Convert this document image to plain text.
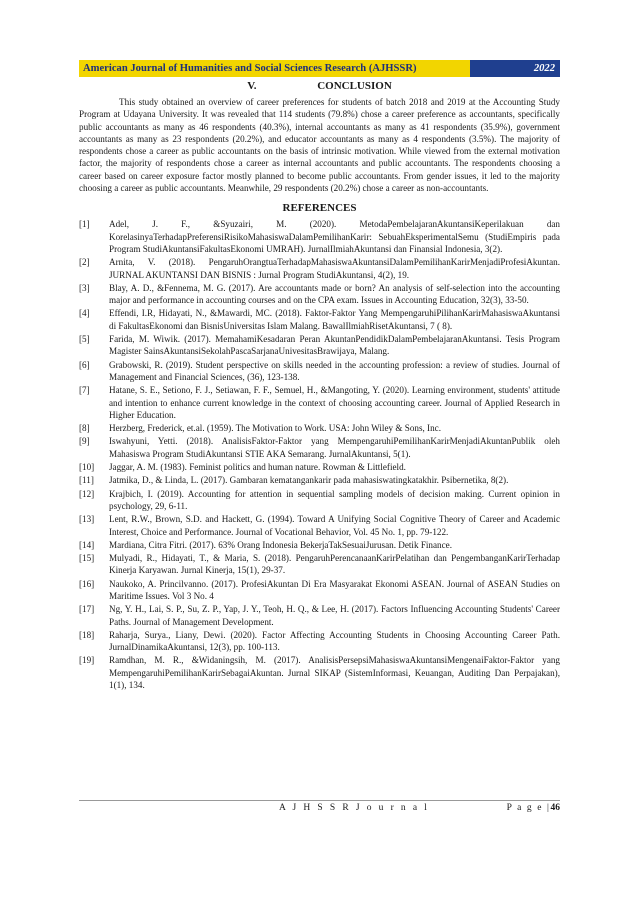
American Journal of Humanities and Social Sciences Research (AJHSSR)	2022
V.	CONCLUSION

This study obtained an overview of career preferences for students of batch 2018 and 2019 at the Accounting Study Program at Udayana University. It was revealed that 114 students (79.8%) chose a career preference as accountants, specifically public accountants as many as 46 respondents (40.3%), internal accountants as many as 41 respondents (35.9%), government accountants as many as 23 respondents (20.2%), and educator accountants as many as 4 respondents (3.5%). The majority of respondents chose a career as public accountants on the basis of intrinsic motivation. While viewed from the external motivation factor, the majority of respondents chose a career as internal accountants and public accountants. The respondents choosing a career based on career exposure factor mostly planned to become public accountants. From gender issues, it led to the majority choosing a career as public accountants. Meanwhile, 29 respondents (20.2%) chose a career as non-accountants.

REFERENCES
[1]	Adel, J. F., &Syuzairi, M. (2020). MetodaPembelajaranAkuntansiKeperilakuan dan KorelasinyaTerhadapPreferensiRisikoMahasiswaDalamPemilihanKarir: SebuahEksperimentalSemu (StudiEmpiris pada Program StudiAkuntansiFakultasEkonomi UMRAH). JurnalIlmiahAkuntansi dan Finansial Indonesia, 3(2).
[2]	Arnita, V. (2018). PengaruhOrangtuaTerhadapMahasiswaAkuntansiDalamPemilihanKarirMenjadiProfesiAkuntan. JURNAL AKUNTANSI DAN BISNIS : Jurnal Program StudiAkuntansi, 4(2), 19.
[3]	Blay, A. D., &Fennema, M. G. (2017). Are accountants made or born? An analysis of self-selection into the accounting major and performance in accounting courses and on the CPA exam. Issues in Accounting Education, 32(3), 33-50.
[4]	Effendi, I.R, Hidayati, N., &Mawardi, MC. (2018). Faktor-Faktor Yang MempengaruhiPilihanKarirMahasiswaAkuntansi di FakultasEkonomi dan BisnisUniversitas Islam Malang. BawalIlmiahRisetAkuntansi, 7 ( 8).
[5]	Farida, M. Wiwik. (2017). MemahamiKesadaran Peran AkuntanPendidikDalamPembelajaranAkuntansi. Tesis Program Magister SainsAkuntansiSekolahPascaSarjanaUnivesitasBrawijaya, Malang.
[6]	Grabowski, R. (2019). Student perspective on skills needed in the accounting profession: a review of studies. Journal of Management and Financial Sciences, (36), 123-138.
[7]	Hatane, S. E., Setiono, F. J., Setiawan, F. F., Semuel, H., &Mangoting, Y. (2020). Learning environment, students' attitude and intention to enhance current knowledge in the context of choosing accounting career. Journal of Applied Research in Higher Education.
[8]	Herzberg, Frederick, et.al. (1959). The Motivation to Work. USA: John Wiley & Sons, Inc.
[9]	Iswahyuni, Yetti. (2018). AnalisisFaktor-Faktor yang MempengaruhiPemilihanKarirMenjadiAkuntanPublik oleh Mahasiswa Program StudiAkuntansi STIE AKA Semarang. JurnalAkuntansi, 5(1).
[10]	Jaggar, A. M. (1983). Feminist politics and human nature. Rowman & Littlefield.
[11]	Jatmika, D., & Linda, L. (2017). Gambaran kematangankarir pada mahasiswatingkatakhir. Psibernetika, 8(2).
[12]	Krajbich, I. (2019). Accounting for attention in sequential sampling models of decision making. Current opinion in psychology, 29, 6-11.
[13]	Lent, R.W., Brown, S.D. and Hackett, G. (1994). Toward A Unifying Social Cognitive Theory of Career and Academic Interest, Choice and Performance. Journal of Vocational Behavior, Vol. 45 No. 1, pp. 79-122.
[14]	Mardiana, Citra Fitri. (2017). 63% Orang Indonesia BekerjaTakSesuaiJurusan. Detik Finance.
[15]	Mulyadi, R., Hidayati, T., & Maria, S. (2018). PengaruhPerencanaanKarirPelatihan dan PengembanganKarirTerhadap Kinerja Karyawan. Jurnal Kinerja, 15(1), 29-37.
[16]	Naukoko, A. Princilvanno. (2017). ProfesiAkuntan Di Era Masyarakat Ekonomi ASEAN. Journal of ASEAN Studies on Maritime Issues. Vol 3 No. 4
[17]	Ng, Y. H., Lai, S. P., Su, Z. P., Yap, J. Y., Teoh, H. Q., & Lee, H. (2017). Factors Influencing Accounting Students' Career Paths. Journal of Management Development.
[18]	Raharja, Surya., Liany, Dewi. (2020). Factor Affecting Accounting Students in Choosing Accounting Career Path. JurnalDinamikaAkuntansi, 12(3), pp. 100-113.
[19]	Ramdhan, M. R., &Widaningsih, M. (2017). AnalisisPersepsiMahasiswaAkuntansiMengenaiFaktor-Faktor yang MempengaruhiPemilihanKarirSebagaiAkuntan. Jurnal SIKAP (SistemInformasi, Keuangan, Auditing Dan Perpajakan), 1(1), 134.
A J H S S R J o u r n a l	P a g e |46
